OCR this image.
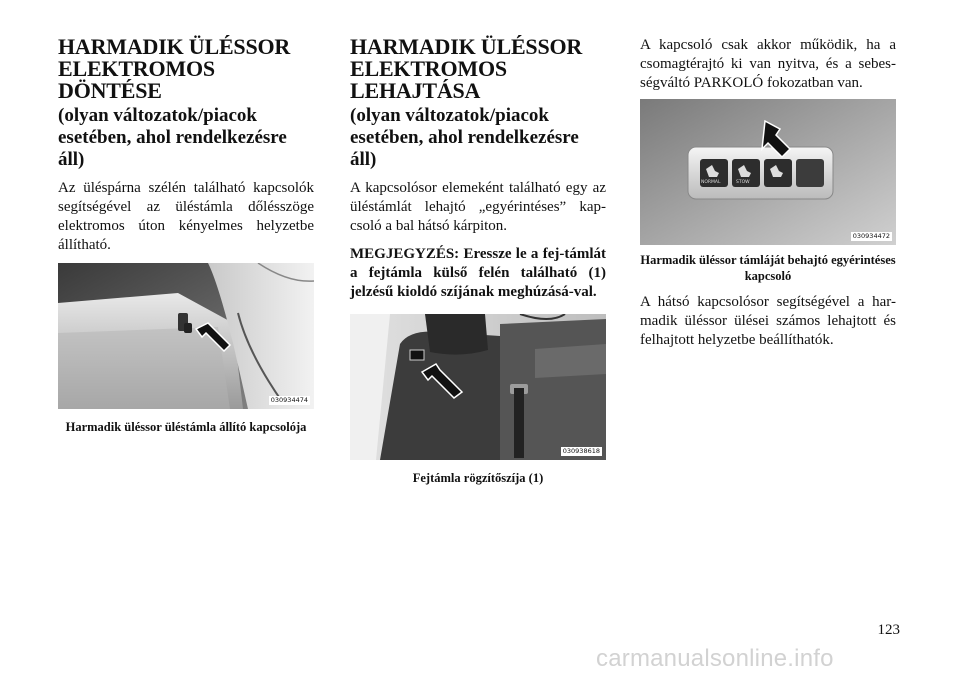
HARMADIK ÜLÉSSOR ELEKTROMOS DÖNTÉSE
(olyan változatok/piacok esetében, ahol rendelkezésre áll)

Az üléspárna szélén található kapcsolók segítségével az üléstámla dőlésszöge elektromos úton kényelmes helyzetbe állítható.

030934474
Harmadik üléssor üléstámla állító kapcsolója
HARMADIK ÜLÉSSOR ELEKTROMOS LEHAJTÁSA
(olyan változatok/piacok esetében, ahol rendelkezésre áll)

A kapcsolósor elemeként található egy az üléstámlát lehajtó „egyérintéses” kap-csoló a bal hátsó kárpiton.

MEGJEGYZÉS: Eressze le a fej-támlát a fejtámla külső felén található (1) jelzésű kioldó szíjának meghúzásá-val.

030938618
Fejtámla rögzítőszíja (1)

A kapcsoló csak akkor működik, ha a csomagtérajtó ki van nyitva, és a sebes-ségváltó PARKOLÓ fokozatban van.

NORMAL	STOW
030934472
Harmadik üléssor támláját behajtó egyérintéses kapcsoló

A hátsó kapcsolósor segítségével a har-madik üléssor ülései számos lehajtott és felhajtott helyzetbe beállíthatók.

123
carmanualsonline.info
